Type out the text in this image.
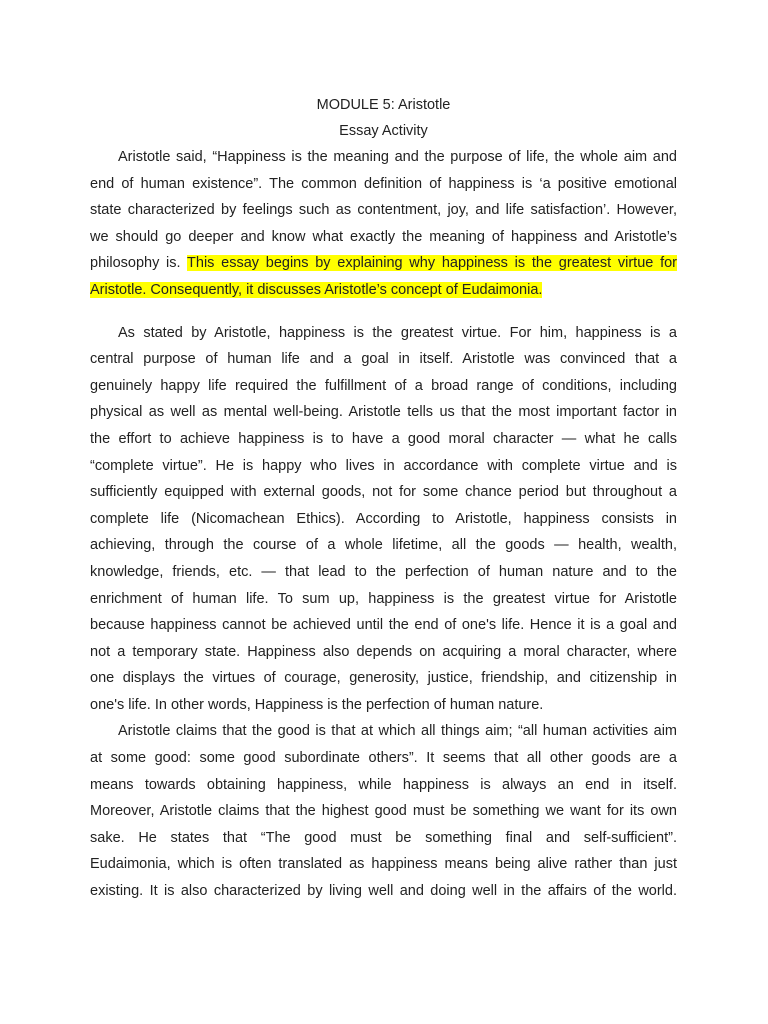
MODULE 5: Aristotle

Essay Activity

Aristotle said, “Happiness is the meaning and the purpose of life, the whole aim and
end of human existence”. The common definition of happiness is ‘a positive emotional
state characterized by feelings such as contentment, joy, and life satisfaction’. However,
we should go deeper and know what exactly the meaning of happiness and Aristotle’s
philosophy is. This essay begins by explaining why happiness is the greatest virtue for
Aristotle. Consequently, it discusses Aristotle’s concept of Eudaimonia.
As stated by Aristotle, happiness is the greatest virtue. For him, happiness is a
central purpose of human life and a goal in itself. Aristotle was convinced that a
genuinely happy life required the fulfillment of a broad range of conditions, including
physical as well as mental well-being. Aristotle tells us that the most important factor in
the effort to achieve happiness is to have a good moral character — what he calls
“complete virtue”. He is happy who lives in accordance with complete virtue and is
sufficiently equipped with external goods, not for some chance period but throughout a
complete life (Nicomachean Ethics). According to Aristotle, happiness consists in
achieving, through the course of a whole lifetime, all the goods — health, wealth,
knowledge, friends, etc. — that lead to the perfection of human nature and to the
enrichment of human life. To sum up, happiness is the greatest virtue for Aristotle
because happiness cannot be achieved until the end of one's life. Hence it is a goal and
not a temporary state. Happiness also depends on acquiring a moral character, where
one displays the virtues of courage, generosity, justice, friendship, and citizenship in
one's life. In other words, Happiness is the perfection of human nature.
Aristotle claims that the good is that at which all things aim; “all human activities aim
at some good: some good subordinate others”. It seems that all other goods are a
means towards obtaining happiness, while happiness is always an end in itself.
Moreover, Aristotle claims that the highest good must be something we want for its own
sake. He states that “The good must be something final and self-sufficient”.
Eudaimonia, which is often translated as happiness means being alive rather than just
existing. It is also characterized by living well and doing well in the affairs of the world.
